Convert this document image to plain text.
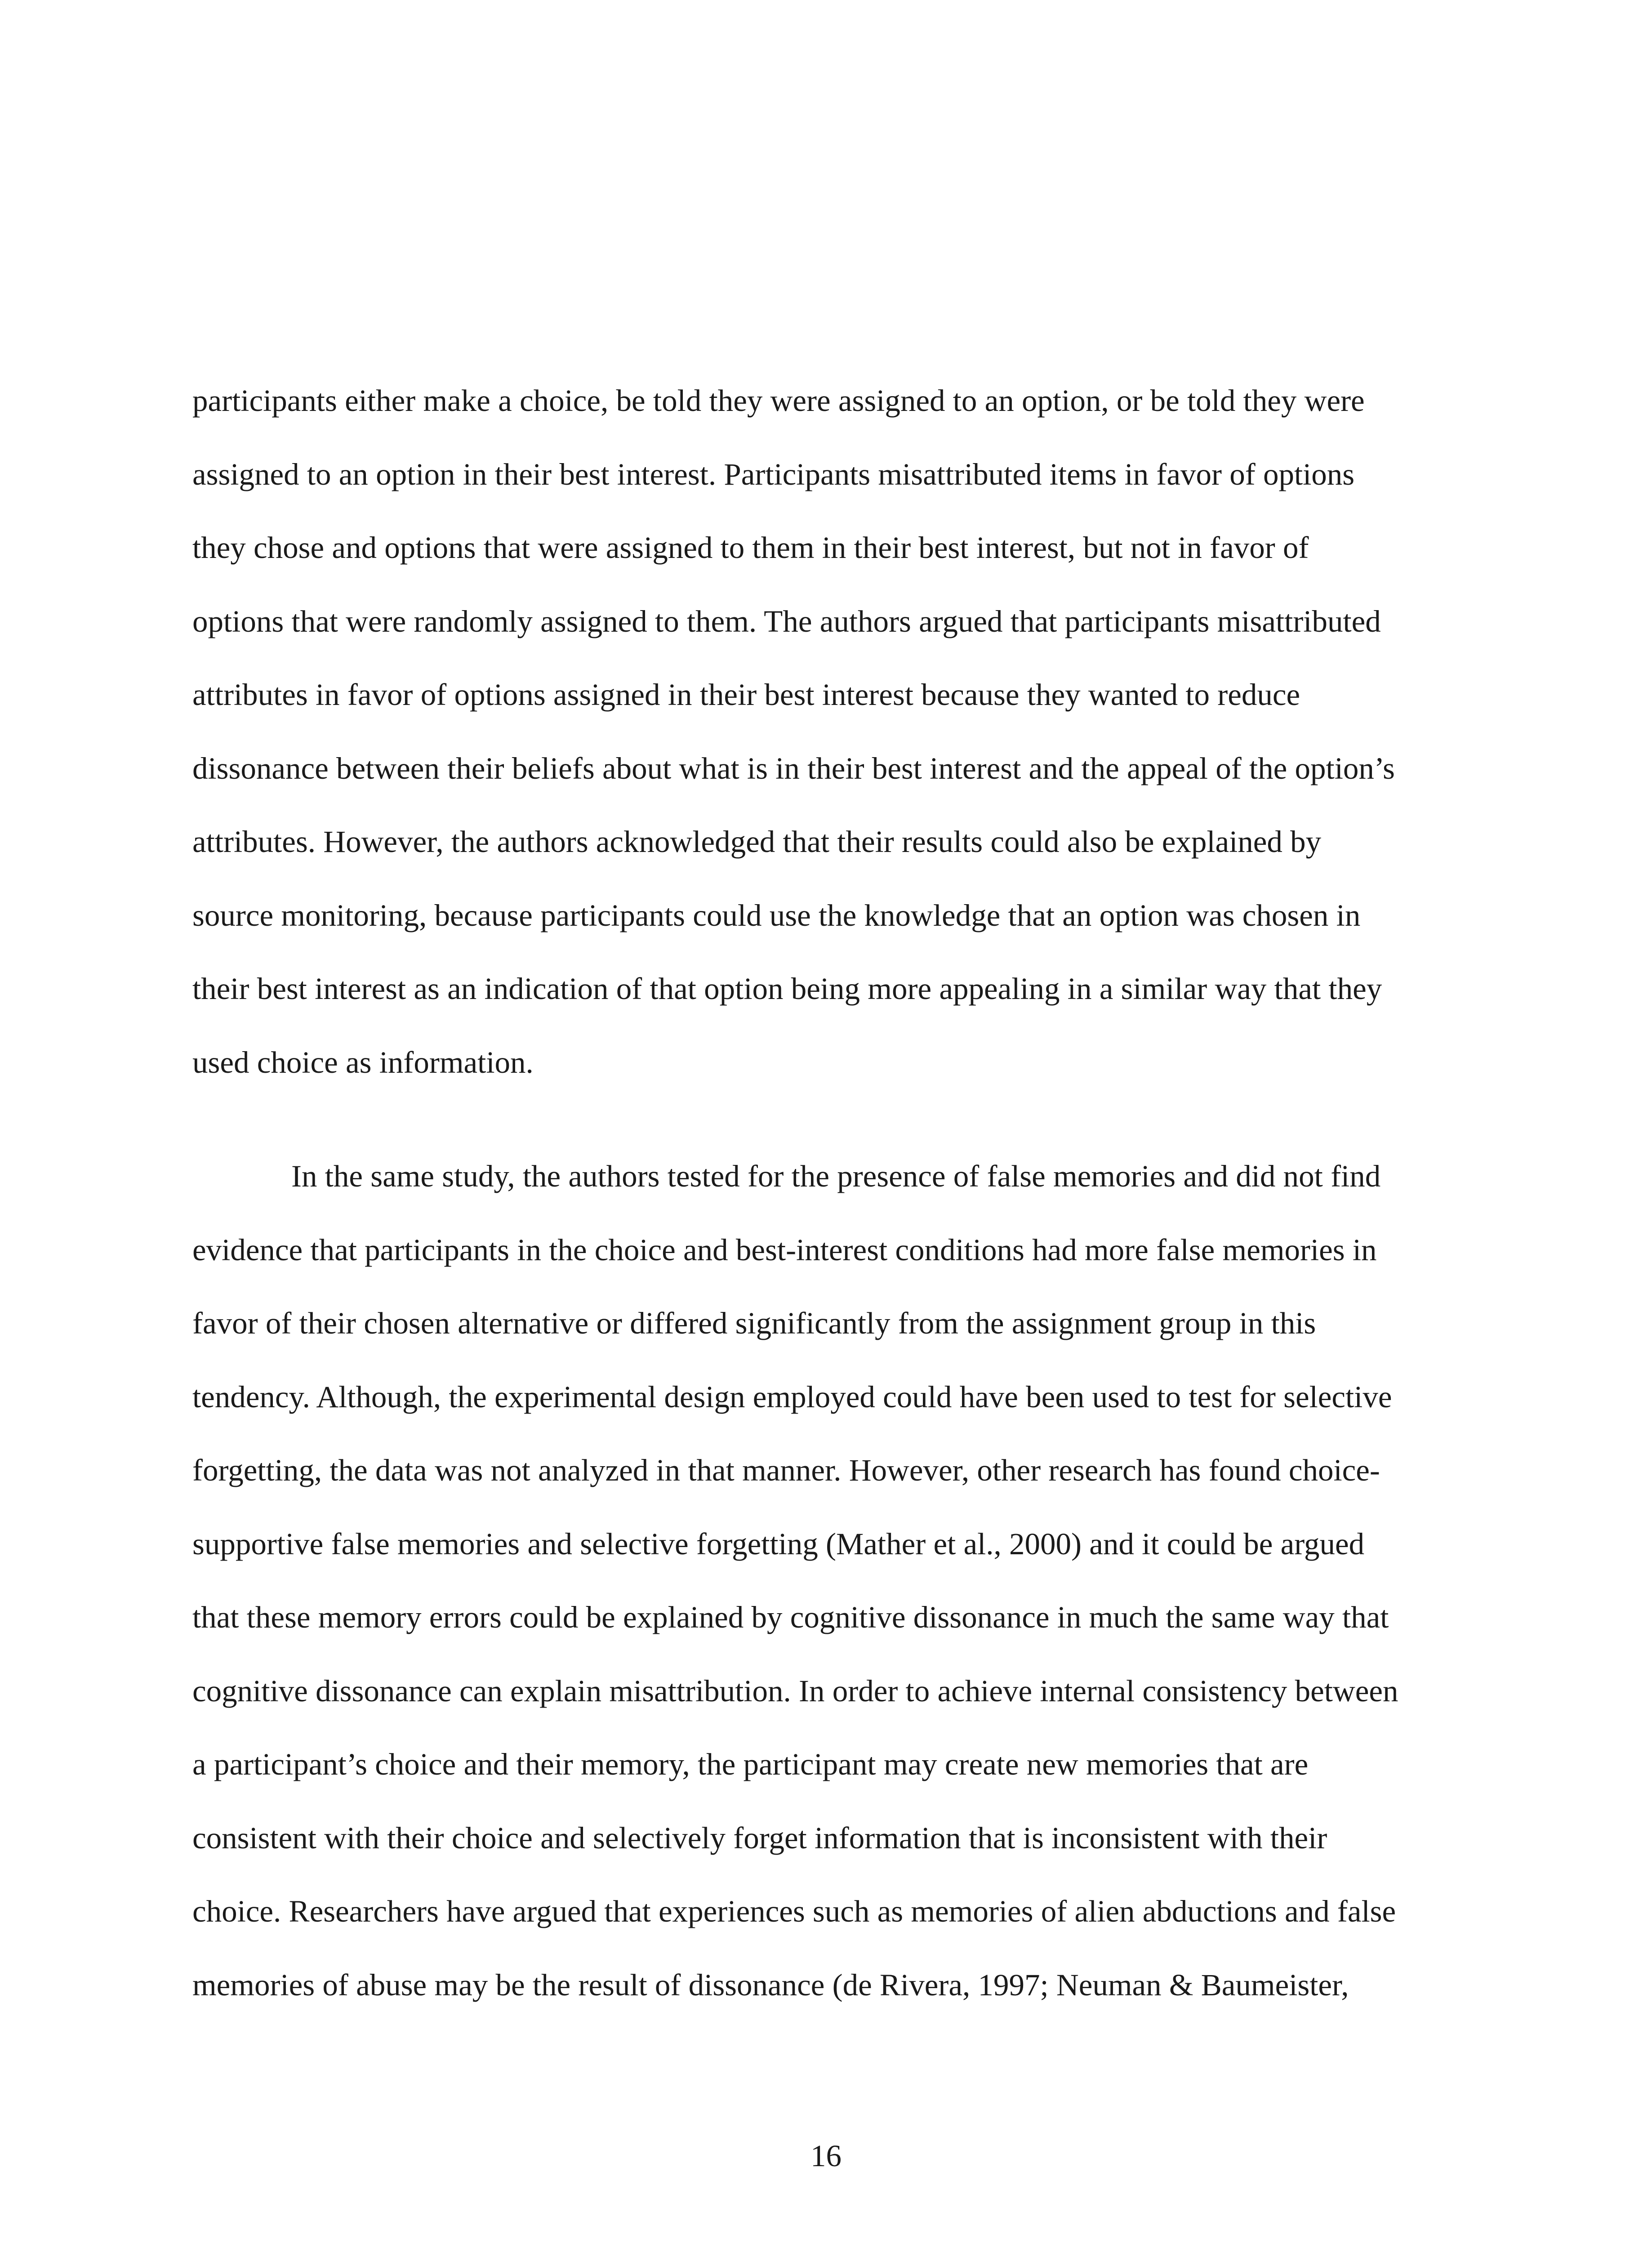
participants either make a choice, be told they were assigned to an option, or be told they were
assigned to an option in their best interest. Participants misattributed items in favor of options
they chose and options that were assigned to them in their best interest, but not in favor of
options that were randomly assigned to them. The authors argued that participants misattributed
attributes in favor of options assigned in their best interest because they wanted to reduce
dissonance between their beliefs about what is in their best interest and the appeal of the option’s
attributes. However, the authors acknowledged that their results could also be explained by
source monitoring, because participants could use the knowledge that an option was chosen in
their best interest as an indication of that option being more appealing in a similar way that they
used choice as information.
In the same study, the authors tested for the presence of false memories and did not find
evidence that participants in the choice and best-interest conditions had more false memories in
favor of their chosen alternative or differed significantly from the assignment group in this
tendency. Although, the experimental design employed could have been used to test for selective
forgetting, the data was not analyzed in that manner. However, other research has found choice-
supportive false memories and selective forgetting (Mather et al., 2000) and it could be argued
that these memory errors could be explained by cognitive dissonance in much the same way that
cognitive dissonance can explain misattribution. In order to achieve internal consistency between
a participant’s choice and their memory, the participant may create new memories that are
consistent with their choice and selectively forget information that is inconsistent with their
choice. Researchers have argued that experiences such as memories of alien abductions and false
memories of abuse may be the result of dissonance (de Rivera, 1997; Neuman & Baumeister,
16
